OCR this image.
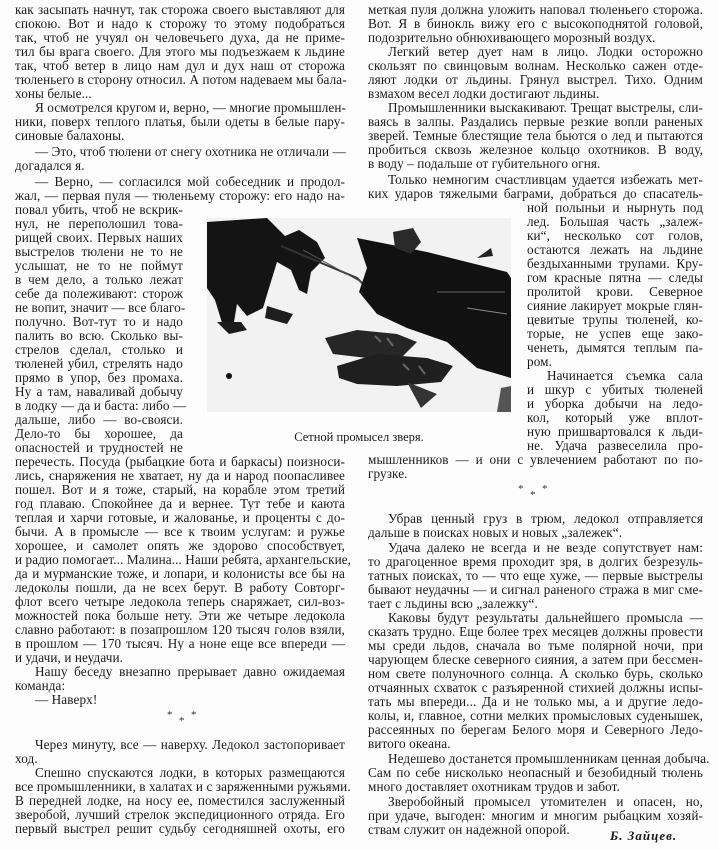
как засыпать начнут, так сторожа своего выставляют для
спокою. Вот и надо к сторожу то этому подобраться
так, чтоб не учуял он человечьего духа, да не приме-
тил бы врага своего. Для этого мы подъезжаем к льдине
так, чтоб ветер в лицо нам дул и дух наш от сторожа
тюленьего в сторону относил. А потом надеваем мы бала-
хоны белые...
Я осмотрелся кругом и, верно, — многие промышлен-
ники, поверх теплого платья, были одеты в белые пару-
синовые балахоны.
— Это, чтоб тюлени от снегу охотника не отличали —
догадался я.
— Верно, — согласился мой собеседник и продол-
жал, — первая пуля — тюленьему сторожу: его надо на-
повал убить, чтоб не вскрик-
нул, не переполошил това-
рищей своих. Первых наших
выстрелов тюлени не то не
услышат, не то не поймут
в чем дело, а только лежат
себе да полеживают: сторож
не вопит, значит — все благо-
получно. Вот-тут то и надо
палить во всю. Сколько вы-
стрелов сделал, столько и
тюленей убил, стрелять надо
прямо в упор, без промаха.
Ну а там, наваливай добычу
в лодку — да и баста: либо —
дальше, либо — во-свояси.
Дело-то бы хорошее, да
опасностей и трудностей не
перечесть. Посуда (рыбацкие бота и баркасы) поизноси-
лись, снаряжения не хватает, ну да и народ поопасливее
пошел. Вот и я тоже, старый, на корабле этом третий
год плаваю. Спокойнее да и вернее. Тут тебе и каюта
теплая и харчи готовые, и жалованье, и проценты с до-
бычи. А в промысле — все к твоим услугам: и ружье
хорошее, и самолет опять же здорово способствует,
и радио помогает... Малина... Наши ребята, архангельские,
да и мурманские тоже, и лопари, и колонисты все бы на
ледоколы пошли, да не всех берут. В работу Совторг-
флот всего четыре ледокола теперь снаряжает, сил-воз-
можностей пока больше нету. Эти же четыре ледокола
славно работают: в позапрошлом 120 тысяч голов взяли,
в прошлом — 170 тысяч. Ну а ноне еще все впереди —
и удачи, и неудачи.
Нашу беседу внезапно прерывает давно ожидаемая
команда:
— Наверх!
* * *
Через минуту, все — наверху. Ледокол застопоривает
ход.
Спешно спускаются лодки, в которых размещаются
все промышленники, в халатах и с заряженными ружьями.
В передней лодке, на носу ее, поместился заслуженный
зверобой, лучший стрелок экспедиционного отряда. Его
первый выстрел решит судьбу сегодняшней охоты, его
меткая пуля должна уложить наповал тюленьего сторожа.
Вот. Я в бинокль вижу его с высокоподнятой головой,
подозрительно обнюхивающего морозный воздух.
Легкий ветер дует нам в лицо. Лодки осторожно
скользят по свинцовым волнам. Несколько сажен отде-
ляют лодки от льдины. Грянул выстрел. Тихо. Одним
взмахом весел лодки достигают льдины.
Промышленники выскакивают. Трещат выстрелы, сли-
ваясь в залпы. Раздались первые резкие вопли раненых
зверей. Темные блестящие тела бьются о лед и пытаются
пробиться сквозь железное кольцо охотников. В воду,
в воду – подальше от губительного огня.
Только немногим счастливцам удается избежать мет-
ких ударов тяжелыми баграми, добраться до спасатель-
ной полыньи и нырнуть под
лед. Большая часть „залеж-
ки“, несколько сот голов,
остаются лежать на льдине
бездыханными трупами. Кру-
гом красные пятна — следы
пролитой крови. Северное
сияние лакирует мокрые глян-
цевитые трупы тюленей, ко-
торые, не успев еще зако-
ченеть, дымятся теплым па-
ром.
Начинается съемка сала
и шкур с убитых тюленей
и уборка добычи на ледо-
кол, который уже вплот-
ную пришвартовался к льди-
не. Удача развеселила про-
мышленников — и они с увлечением работают по по-
грузке.
* * *
Убрав ценный груз в трюм, ледокол отправляется
дальше в поисках новых и новых „залежек“.
Удача далеко не всегда и не везде сопутствует нам:
то драгоценное время проходит зря, в долгих безрезуль-
татных поисках, то — что еще хуже, — первые выстрелы
бывают неудачны — и сигнал раненого стража в миг сме-
тает с льдины всю „залежку“.
Каковы будут результаты дальнейшего промысла —
сказать трудно. Еще более трех месяцев должны провести
мы среди льдов, сначала во тьме полярной ночи, при
чарующем блеске северного сияния, а затем при бессмен-
ном свете полуночного солнца. А сколько бурь, сколько
отчаянных схваток с разъяренной стихией должны испы-
тать мы впереди... Да и не только мы, а и другие ледо-
колы, и, главное, сотни мелких промысловых суденышек,
рассеянных по берегам Белого моря и Северного Ледо-
витого океана.
Недешево достанется промышленникам ценная добыча.
Сам по себе нисколько неопасный и безобидный тюлень
много доставляет охотникам трудов и забот.
Зверобойный промысел утомителен и опасен, но,
при удаче, выгоден: многим и многим рыбацким хозяй-
ствам служит он надежной опорой.	Б. Зайцев.
Сетной промысел зверя.
